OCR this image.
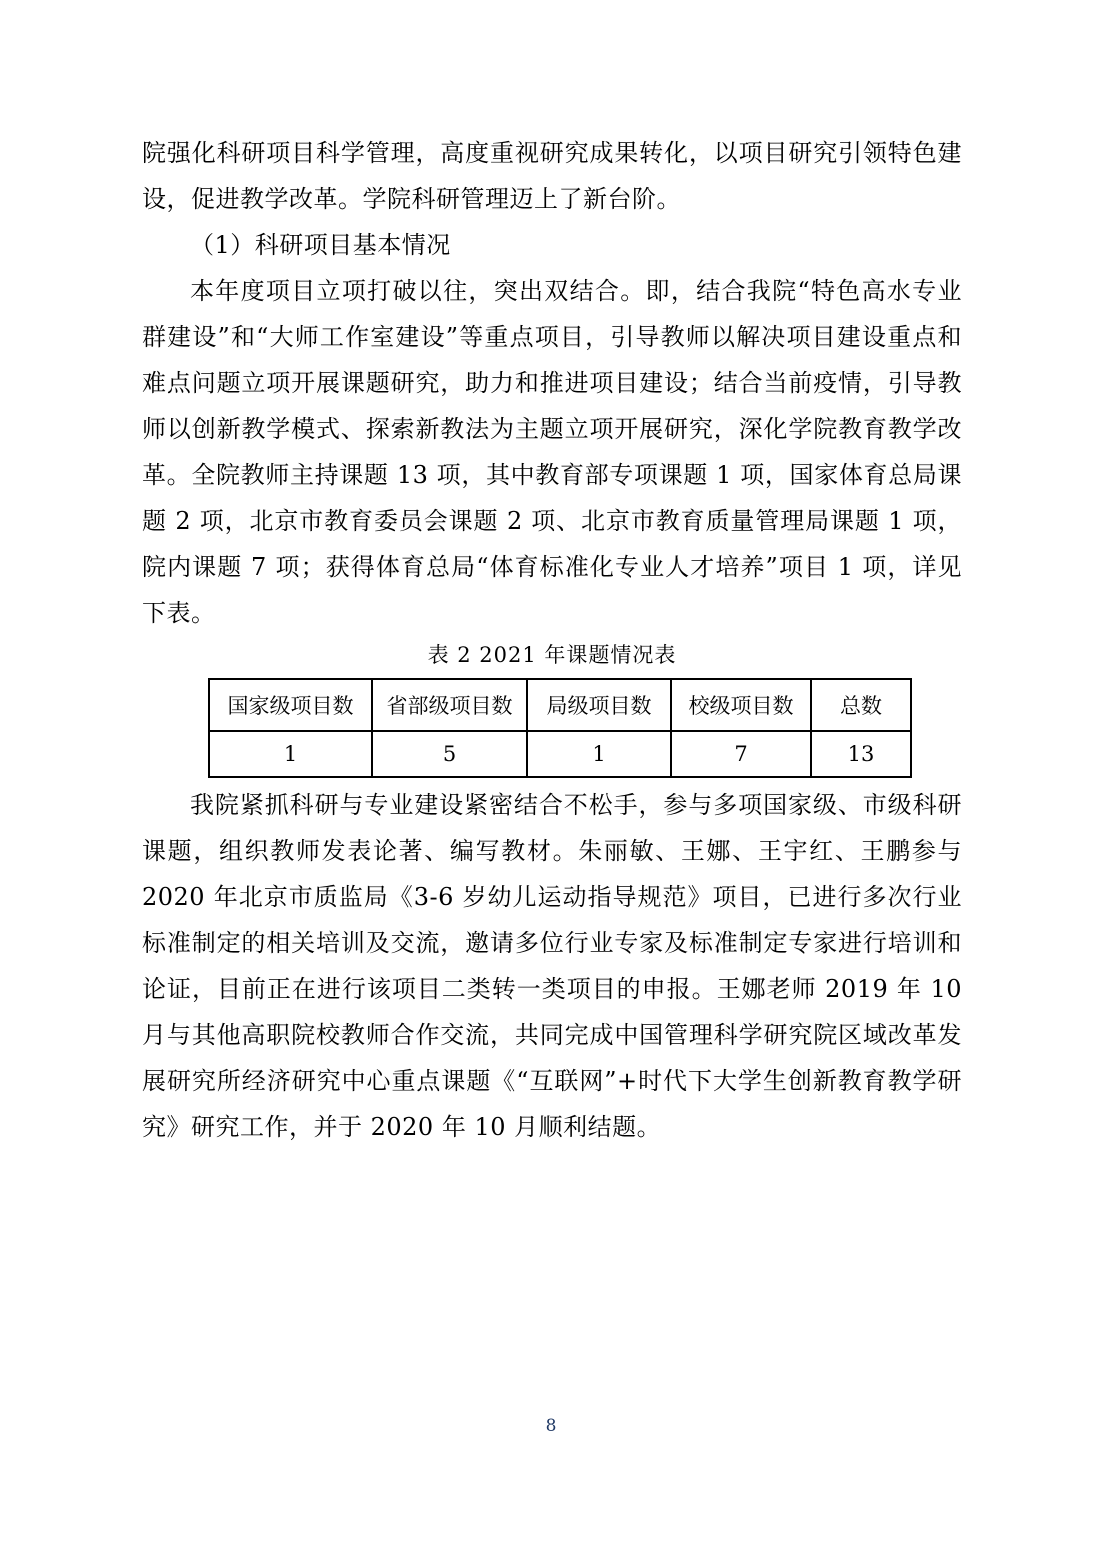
院强化科研项目科学管理，高度重视研究成果转化，以项目研究引领特色建设，促进教学改革。学院科研管理迈上了新台阶。

（1）科研项目基本情况

本年度项目立项打破以往，突出双结合。即，结合我院“特色高水专业群建设”和“大师工作室建设”等重点项目，引导教师以解决项目建设重点和难点问题立项开展课题研究，助力和推进项目建设；结合当前疫情，引导教师以创新教学模式、探索新教法为主题立项开展研究，深化学院教育教学改革。全院教师主持课题 13 项，其中教育部专项课题 1 项，国家体育总局课题 2 项，北京市教育委员会课题 2 项、北京市教育质量管理局课题 1 项，院内课题 7 项；获得体育总局“体育标准化专业人才培养”项目 1 项，详见下表。

表 2 2021 年课题情况表

国家级项目数	省部级项目数	局级项目数	校级项目数	总数
1	5	1	7	13

我院紧抓科研与专业建设紧密结合不松手，参与多项国家级、市级科研课题，组织教师发表论著、编写教材。朱丽敏、王娜、王宇红、王鹏参与 2020 年北京市质监局《3-6 岁幼儿运动指导规范》项目，已进行多次行业标准制定的相关培训及交流，邀请多位行业专家及标准制定专家进行培训和论证，目前正在进行该项目二类转一类项目的申报。王娜老师 2019 年 10 月与其他高职院校教师合作交流，共同完成中国管理科学研究院区域改革发展研究所经济研究中心重点课题《“互联网”+时代下大学生创新教育教学研究》研究工作，并于 2020 年 10 月顺利结题。

8
